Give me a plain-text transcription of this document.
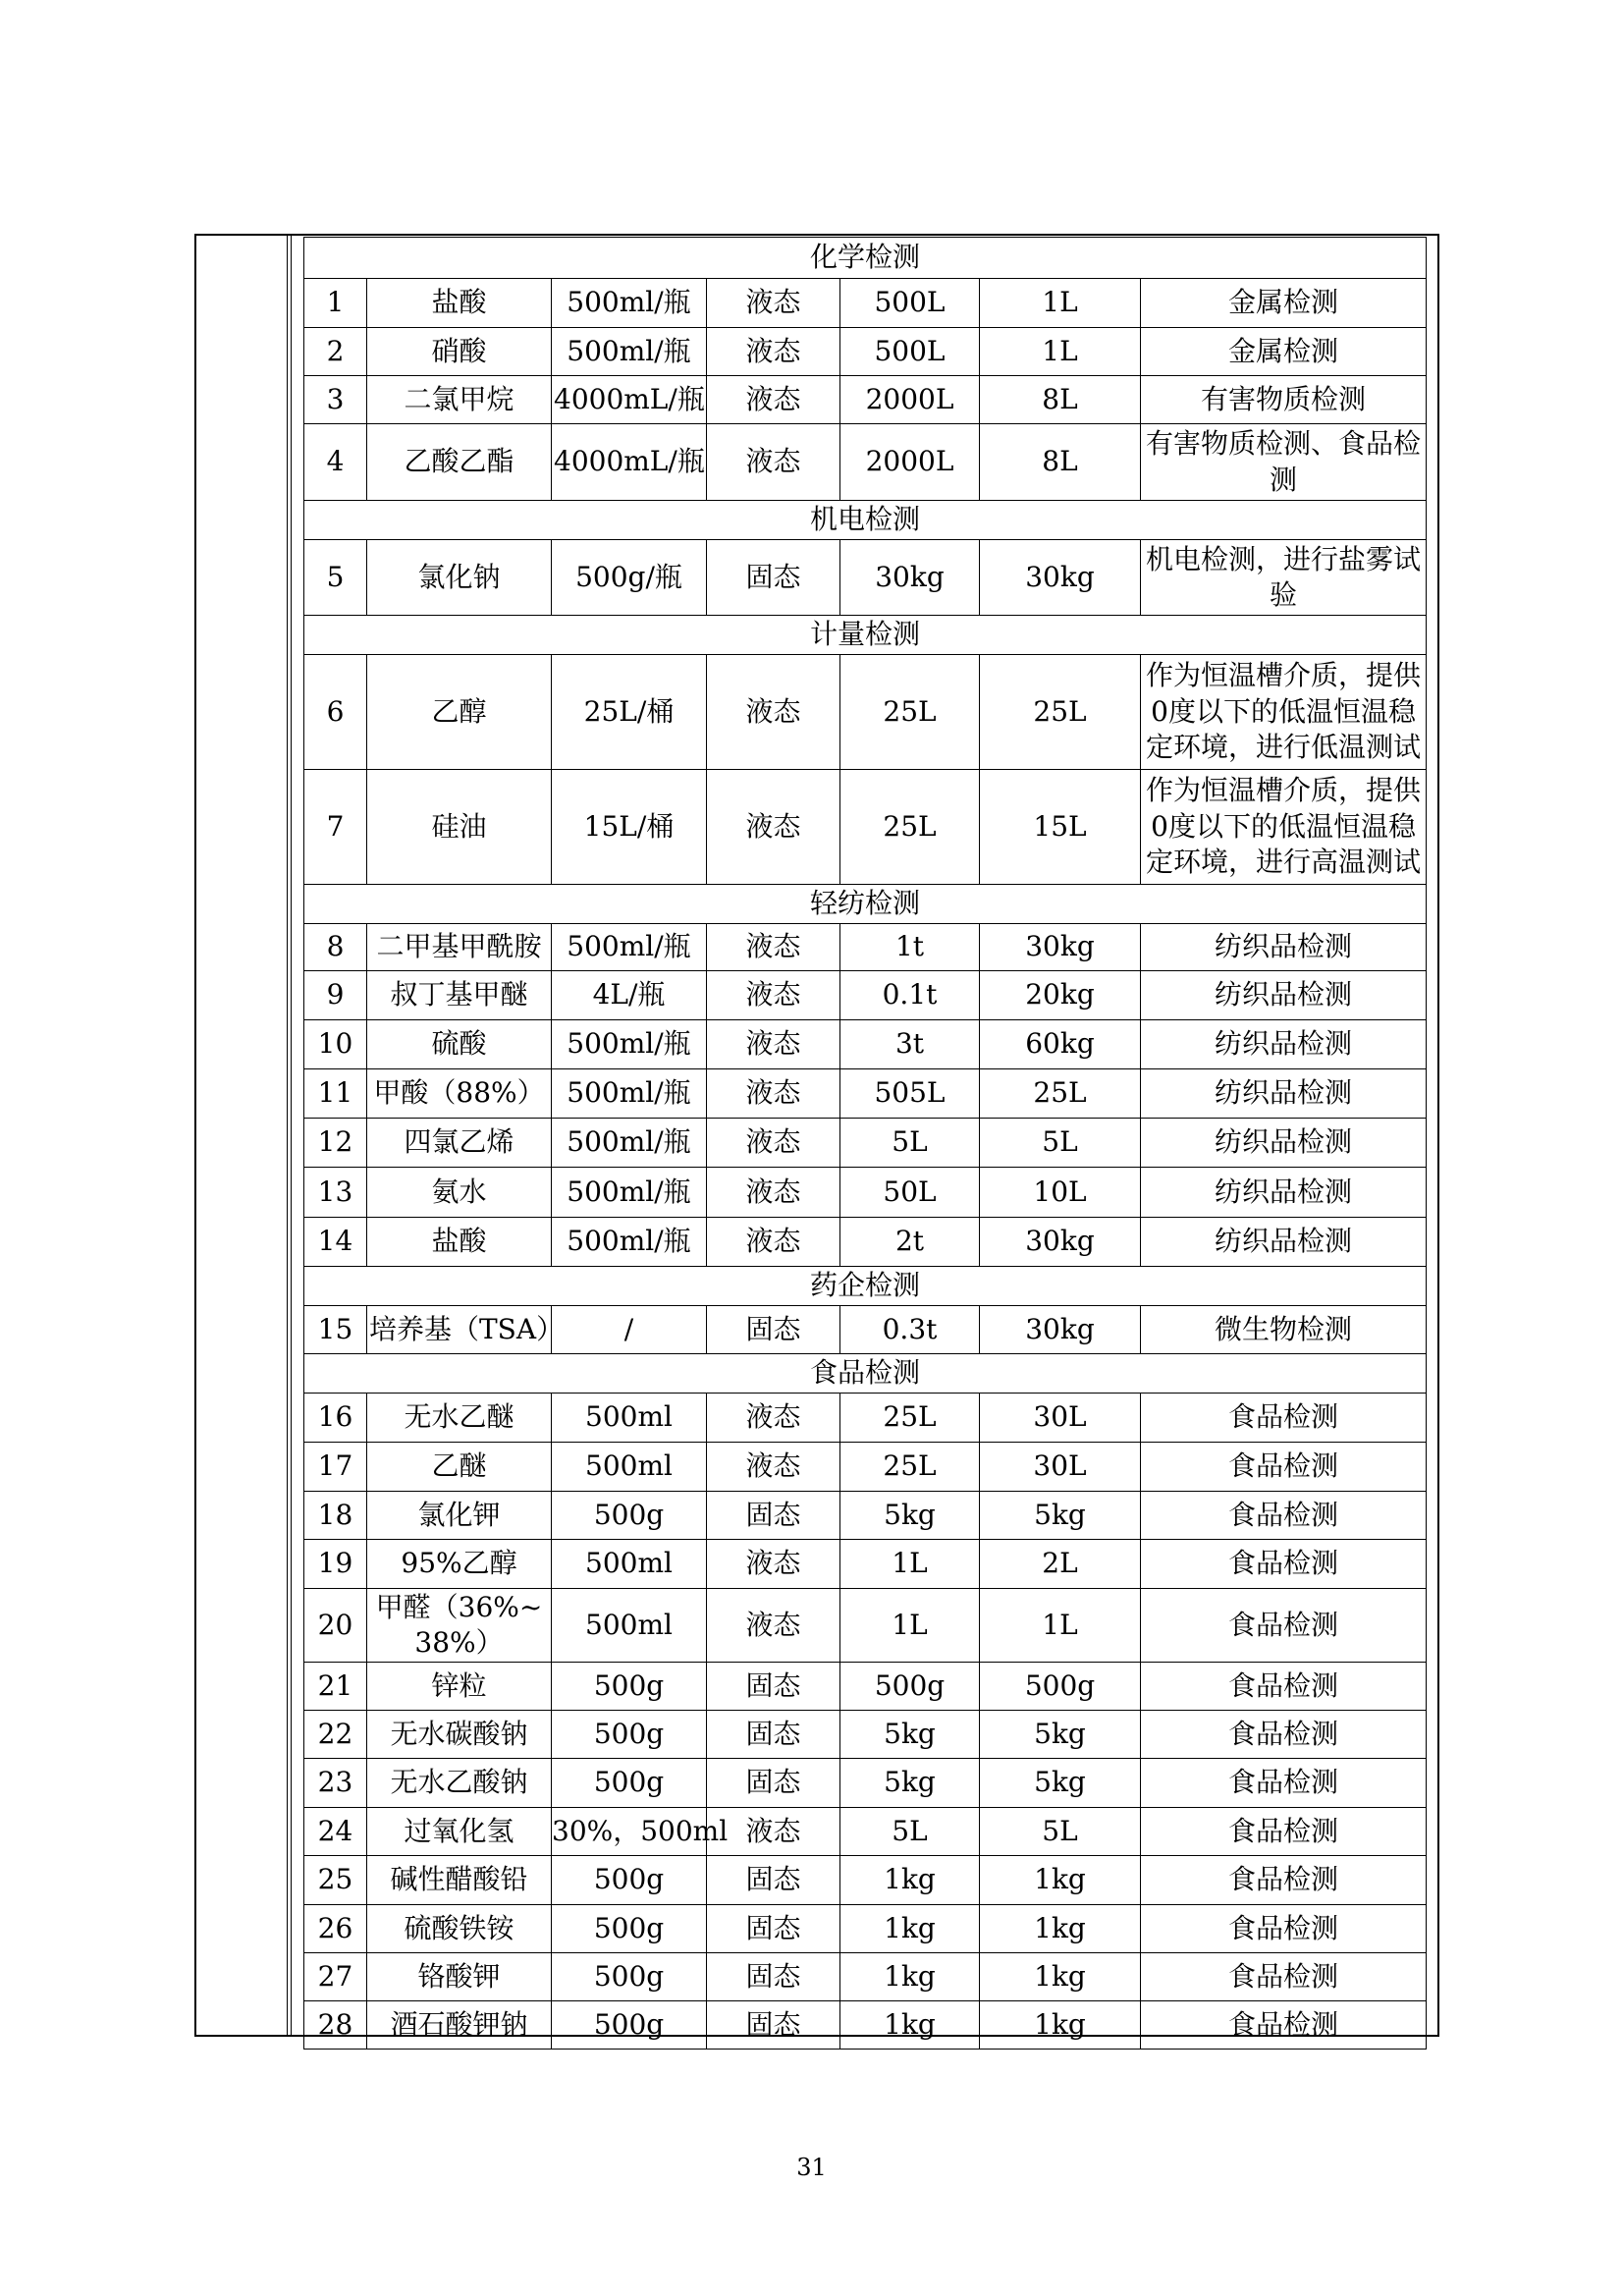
化学检测						
1	盐酸	500ml/瓶	液态	500L	1L	金属检测
2	硝酸	500ml/瓶	液态	500L	1L	金属检测
3	二氯甲烷	4000mL/瓶	液态	2000L	8L	有害物质检测
4	乙酸乙酯	4000mL/瓶	液态	2000L	8L	有害物质检测、食品检测
机电检测						
5	氯化钠	500g/瓶	固态	30kg	30kg	机电检测，进行盐雾试验
计量检测						
6	乙醇	25L/桶	液态	25L	25L	作为恒温槽介质，提供0度以下的低温恒温稳定环境，进行低温测试
7	硅油	15L/桶	液态	25L	15L	作为恒温槽介质，提供0度以下的低温恒温稳定环境，进行高温测试
轻纺检测						
8	二甲基甲酰胺	500ml/瓶	液态	1t	30kg	纺织品检测
9	叔丁基甲醚	4L/瓶	液态	0.1t	20kg	纺织品检测
10	硫酸	500ml/瓶	液态	3t	60kg	纺织品检测
11	甲酸（88%）	500ml/瓶	液态	505L	25L	纺织品检测
12	四氯乙烯	500ml/瓶	液态	5L	5L	纺织品检测
13	氨水	500ml/瓶	液态	50L	10L	纺织品检测
14	盐酸	500ml/瓶	液态	2t	30kg	纺织品检测
药企检测						
15	培养基（TSA）	/	固态	0.3t	30kg	微生物检测
食品检测						
16	无水乙醚	500ml	液态	25L	30L	食品检测
17	乙醚	500ml	液态	25L	30L	食品检测
18	氯化钾	500g	固态	5kg	5kg	食品检测
19	95%乙醇	500ml	液态	1L	2L	食品检测
20	甲醛（36%~38%）	500ml	液态	1L	1L	食品检测
21	锌粒	500g	固态	500g	500g	食品检测
22	无水碳酸钠	500g	固态	5kg	5kg	食品检测
23	无水乙酸钠	500g	固态	5kg	5kg	食品检测
24	过氧化氢	30%，500ml	液态	5L	5L	食品检测
25	碱性醋酸铅	500g	固态	1kg	1kg	食品检测
26	硫酸铁铵	500g	固态	1kg	1kg	食品检测
27	铬酸钾	500g	固态	1kg	1kg	食品检测
28	酒石酸钾钠	500g	固态	1kg	1kg	食品检测
31
